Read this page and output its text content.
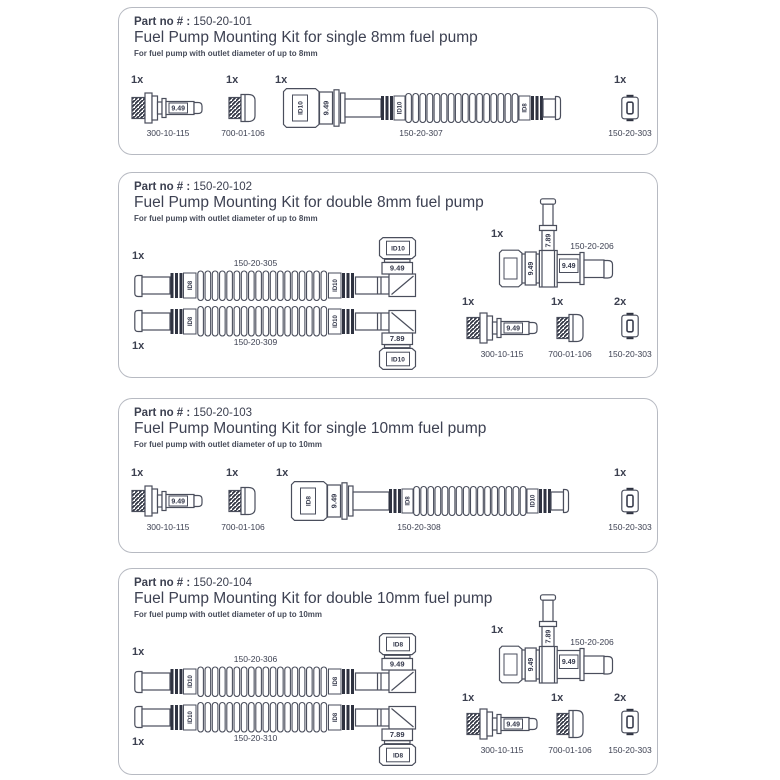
Part no # : 150-20-101
Fuel Pump Mounting Kit for single 8mm fuel pump
For fuel pump with outlet diameter of up to 8mm
1x
9.49
300-10-115
1x
700-01-106
1x
ID10 9.49	ID10	ID8
150-20-307
1x
150-20-303
Part no # : 150-20-102
Fuel Pump Mounting Kit for double 8mm fuel pump
For fuel pump with outlet diameter of up to 8mm
1x
150-20-305
ID8	ID10
9.49
ID10
1x	150-20-309
ID8	ID10
7.89
ID10
1x
150-20-206
9.49
7.89
9.49
1x
9.49
300-10-115
1x
700-01-106
2x
150-20-303
Part no # : 150-20-103
Fuel Pump Mounting Kit for single 10mm fuel pump
For fuel pump with outlet diameter of up to 10mm
1x
9.49
300-10-115
1x
700-01-106
1x
ID8 9.49	ID8	ID10
150-20-308
1x
150-20-303
Part no # : 150-20-104
Fuel Pump Mounting Kit for double 10mm fuel pump
For fuel pump with outlet diameter of up to 10mm
1x
150-20-306
ID10	ID8
9.49
ID8
1x	150-20-310
ID10	ID8
7.89
ID8
1x
150-20-206
9.49
7.89
9.49
1x
9.49
300-10-115
1x
700-01-106
2x
150-20-303
